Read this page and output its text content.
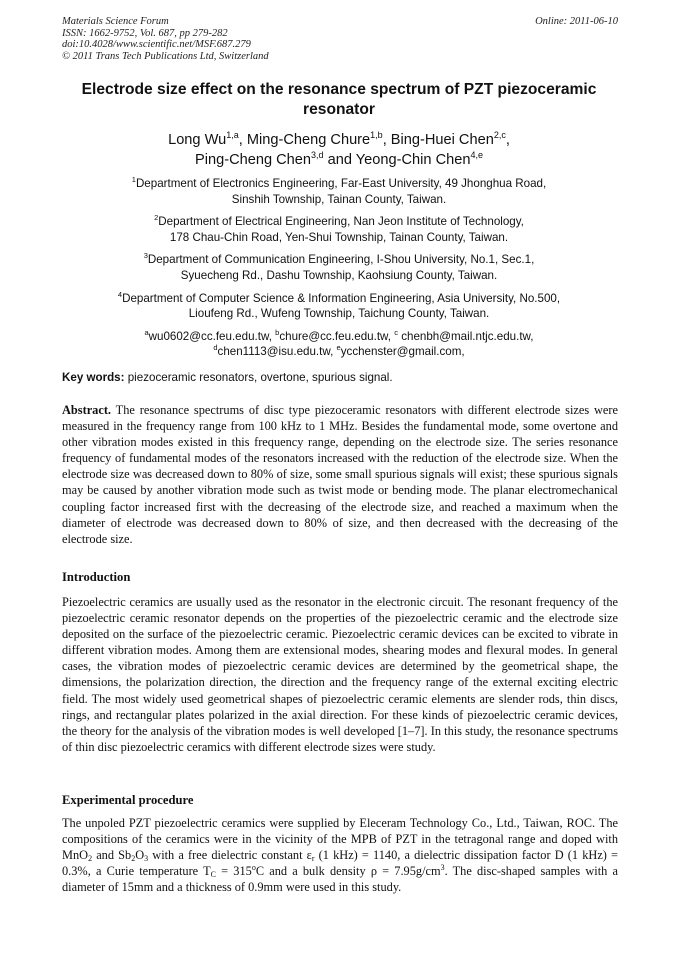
Materials Science Forum
ISSN: 1662-9752, Vol. 687, pp 279-282
doi:10.4028/www.scientific.net/MSF.687.279
© 2011 Trans Tech Publications Ltd, Switzerland
Online: 2011-06-10
Electrode size effect on the resonance spectrum of PZT piezoceramic resonator
Long Wu$^{1,a}$, Ming-Cheng Chure$^{1,b}$, Bing-Huei Chen$^{2,c}$,
Ping-Cheng Chen$^{3,d}$ and Yeong-Chin Chen$^{4,e}$
$^1$Department of Electronics Engineering, Far-East University, 49 Jhonghua Road,
Sinshih Township, Tainan County, Taiwan.
$^2$Department of Electrical Engineering, Nan Jeon Institute of Technology,
178 Chau-Chin Road, Yen-Shui Township, Tainan County, Taiwan.
$^3$Department of Communication Engineering, I-Shou University, No.1, Sec.1,
Syuecheng Rd., Dashu Township, Kaohsiung County, Taiwan.
$^4$Department of Computer Science & Information Engineering, Asia University, No.500,
Lioufeng Rd., Wufeng Township, Taichung County, Taiwan.
$^a$wu0602@cc.feu.edu.tw, $^b$chure@cc.feu.edu.tw, $^c$ chenbh@mail.ntjc.edu.tw,
$^d$chen1113@isu.edu.tw, $^e$ycchenster@gmail.com,
Key words: piezoceramic resonators, overtone, spurious signal.
Abstract. The resonance spectrums of disc type piezoceramic resonators with different electrode sizes were measured in the frequency range from 100 kHz to 1 MHz. Besides the fundamental mode, some overtone and other vibration modes existed in this frequency range, depending on the electrode size. The series resonance frequency of fundamental modes of the resonators increased with the reduction of the electrode size. When the electrode size was decreased down to 80% of size, some small spurious signals will exist; these spurious signals may be caused by another vibration mode such as twist mode or bending mode. The planar electromechanical coupling factor increased first with the decreasing of the electrode size, and reached a maximum when the diameter of electrode was decreased down to 80% of size, and then decreased with the decreasing of the electrode size.
Introduction
Piezoelectric ceramics are usually used as the resonator in the electronic circuit. The resonant frequency of the piezoelectric ceramic resonator depends on the properties of the piezoelectric ceramic and the electrode size deposited on the surface of the piezoelectric ceramic. Piezoelectric ceramic devices can be excited to vibrate in different vibration modes. Among them are extensional modes, shearing modes and flexural modes. In general cases, the vibration modes of piezoelectric ceramic devices are determined by the geometrical shape, the dimensions, the polarization direction, the direction and the frequency range of the external exciting electric field. The most widely used geometrical shapes of piezoelectric ceramic elements are slender rods, thin discs, rings, and rectangular plates polarized in the axial direction. For these kinds of piezoelectric ceramic devices, the theory for the analysis of the vibration modes is well developed [1–7]. In this study, the resonance spectrums of thin disc piezoelectric ceramics with different electrode sizes were study.
Experimental procedure
The unpoled PZT piezoelectric ceramics were supplied by Eleceram Technology Co., Ltd., Taiwan, ROC. The compositions of the ceramics were in the vicinity of the MPB of PZT in the tetragonal range and doped with MnO$_2$ and $Sb_2O_3$ with a free dielectric constant $\varepsilon_r$ (1 kHz) = 1140, a dielectric dissipation factor D (1 kHz) = 0.3%, a Curie temperature $T_C = 315^oC$ and a bulk density $\rho = 7.95g/cm^3$. The disc-shaped samples with a diameter of 15mm and a thickness of 0.9mm were used in this study.
